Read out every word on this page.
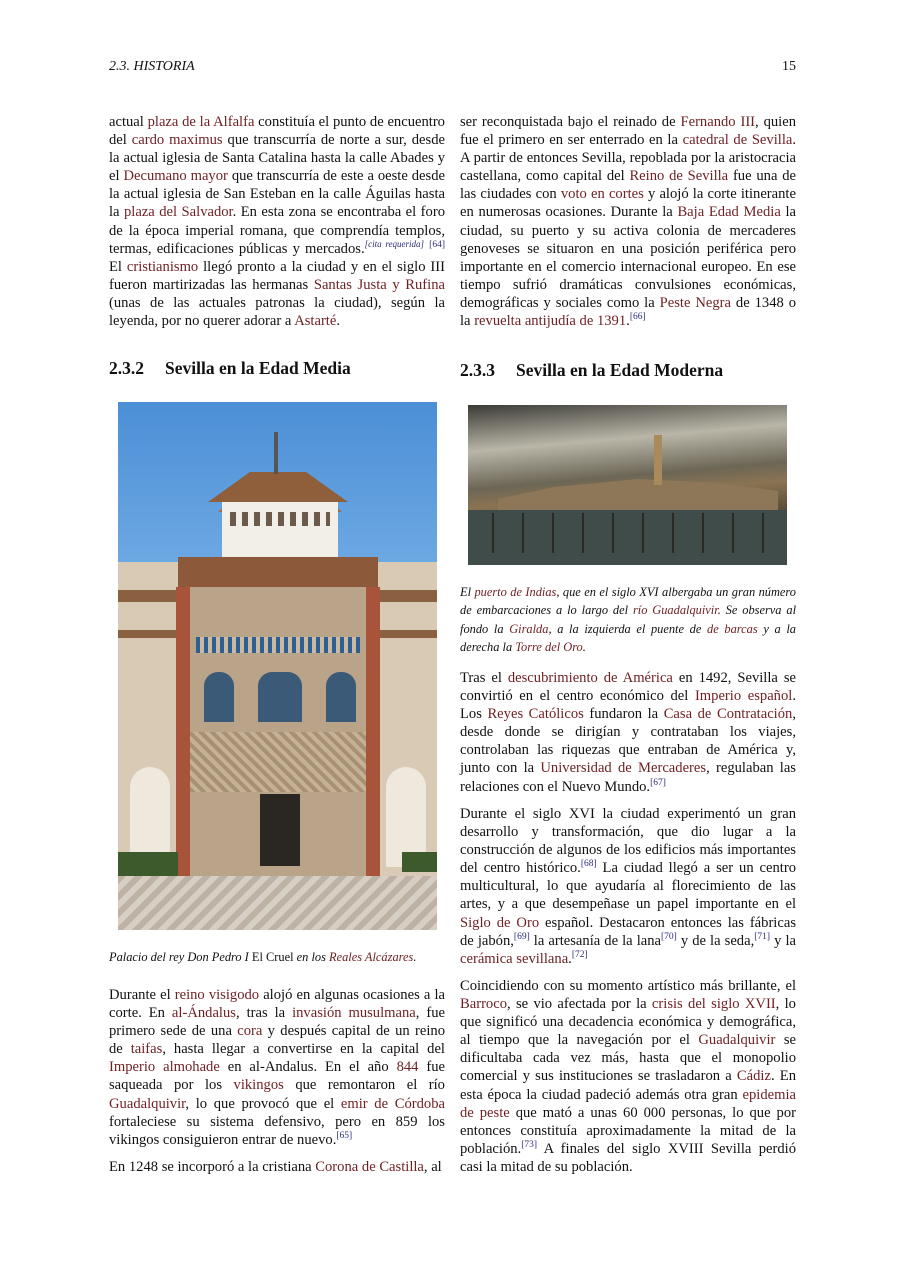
2.3. HISTORIA	15
actual plaza de la Alfalfa constituía el punto de encuentro del cardo maximus que transcurría de norte a sur, desde la actual iglesia de Santa Catalina hasta la calle Abades y el Decumano mayor que transcurría de este a oeste desde la actual iglesia de San Esteban en la calle Águilas hasta la plaza del Salvador. En esta zona se encontraba el foro de la época imperial romana, que comprendía templos, termas, edificaciones públicas y mercados.[cita requerida] [64] El cristianismo llegó pronto a la ciudad y en el siglo III fueron martirizadas las hermanas Santas Justa y Rufina (unas de las actuales patronas la ciudad), según la leyenda, por no querer adorar a Astarté.
2.3.2 Sevilla en la Edad Media
Palacio del rey Don Pedro I El Cruel en los Reales Alcázares.
Durante el reino visigodo alojó en algunas ocasiones a la corte. En al-Ándalus, tras la invasión musulmana, fue primero sede de una cora y después capital de un reino de taifas, hasta llegar a convertirse en la capital del Imperio almohade en al-Andalus. En el año 844 fue saqueada por los vikingos que remontaron el río Guadalquivir, lo que provocó que el emir de Córdoba fortaleciese su sistema defensivo, pero en 859 los vikingos consiguieron entrar de nuevo.[65]
En 1248 se incorporó a la cristiana Corona de Castilla, al
ser reconquistada bajo el reinado de Fernando III, quien fue el primero en ser enterrado en la catedral de Sevilla. A partir de entonces Sevilla, repoblada por la aristocracia castellana, como capital del Reino de Sevilla fue una de las ciudades con voto en cortes y alojó la corte itinerante en numerosas ocasiones. Durante la Baja Edad Media la ciudad, su puerto y su activa colonia de mercaderes genoveses se situaron en una posición periférica pero importante en el comercio internacional europeo. En ese tiempo sufrió dramáticas convulsiones económicas, demográficas y sociales como la Peste Negra de 1348 o la revuelta antijudía de 1391.[66]
2.3.3 Sevilla en la Edad Moderna
El puerto de Indias, que en el siglo XVI albergaba un gran número de embarcaciones a lo largo del río Guadalquivir. Se observa al fondo la Giralda, a la izquierda el puente de de barcas y a la derecha la Torre del Oro.
Tras el descubrimiento de América en 1492, Sevilla se convirtió en el centro económico del Imperio español. Los Reyes Católicos fundaron la Casa de Contratación, desde donde se dirigían y contrataban los viajes, controlaban las riquezas que entraban de América y, junto con la Universidad de Mercaderes, regulaban las relaciones con el Nuevo Mundo.[67]
Durante el siglo XVI la ciudad experimentó un gran desarrollo y transformación, que dio lugar a la construcción de algunos de los edificios más importantes del centro histórico.[68] La ciudad llegó a ser un centro multicultural, lo que ayudaría al florecimiento de las artes, y a que desempeñase un papel importante en el Siglo de Oro español. Destacaron entonces las fábricas de jabón,[69] la artesanía de la lana[70] y de la seda,[71] y la cerámica sevillana.[72]
Coincidiendo con su momento artístico más brillante, el Barroco, se vio afectada por la crisis del siglo XVII, lo que significó una decadencia económica y demográfica, al tiempo que la navegación por el Guadalquivir se dificultaba cada vez más, hasta que el monopolio comercial y sus instituciones se trasladaron a Cádiz. En esta época la ciudad padeció además otra gran epidemia de peste que mató a unas 60 000 personas, lo que por entonces constituía aproximadamente la mitad de la población.[73] A finales del siglo XVIII Sevilla perdió casi la mitad de su población.
